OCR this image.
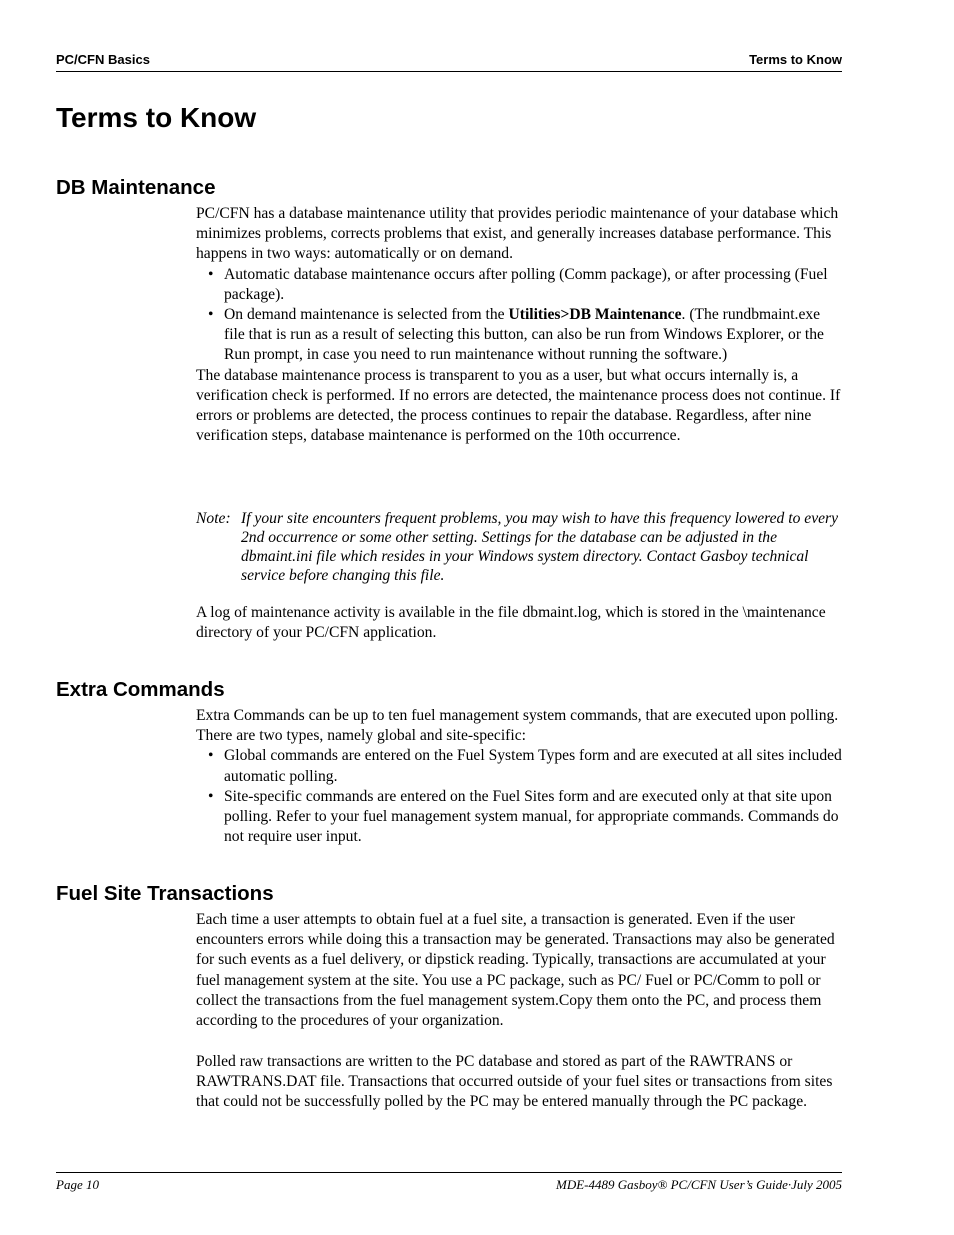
PC/CFN Basics	Terms to Know
Terms to Know
DB Maintenance

PC/CFN has a database maintenance utility that provides periodic maintenance of your database which minimizes problems, corrects problems that exist, and generally increases database performance. This happens in two ways: automatically or on demand.

• Automatic database maintenance occurs after polling (Comm package), or after processing (Fuel package).
• On demand maintenance is selected from the Utilities>DB Maintenance. (The rundbmaint.exe file that is run as a result of selecting this button, can also be run from Windows Explorer, or the Run prompt, in case you need to run maintenance without running the software.)

The database maintenance process is transparent to you as a user, but what occurs internally is, a verification check is performed. If no errors are detected, the maintenance process does not continue. If errors or problems are detected, the process continues to repair the database. Regardless, after nine verification steps, database maintenance is performed on the 10th occurrence.

Note: If your site encounters frequent problems, you may wish to have this frequency lowered to every 2nd occurrence or some other setting. Settings for the database can be adjusted in the dbmaint.ini file which resides in your Windows system directory. Contact Gasboy technical service before changing this file.

A log of maintenance activity is available in the file dbmaint.log, which is stored in the \maintenance directory of your PC/CFN application.

Extra Commands

Extra Commands can be up to ten fuel management system commands, that are executed upon polling. There are two types, namely global and site-specific:

• Global commands are entered on the Fuel System Types form and are executed at all sites included automatic polling.
• Site-specific commands are entered on the Fuel Sites form and are executed only at that site upon polling. Refer to your fuel management system manual, for appropriate commands. Commands do not require user input.
Fuel Site Transactions

Each time a user attempts to obtain fuel at a fuel site, a transaction is generated. Even if the user encounters errors while doing this a transaction may be generated. Transactions may also be generated for such events as a fuel delivery, or dipstick reading. Typically, transactions are accumulated at your fuel management system at the site. You use a PC package, such as PC/ Fuel or PC/Comm to poll or collect the transactions from the fuel management system.Copy them onto the PC, and process them according to the procedures of your organization.

Polled raw transactions are written to the PC database and stored as part of the RAWTRANS or RAWTRANS.DAT file. Transactions that occurred outside of your fuel sites or transactions from sites that could not be successfully polled by the PC may be entered manually through the PC package.

Page 10	MDE-4489 Gasboy® PC/CFN User’s Guide·July 2005
